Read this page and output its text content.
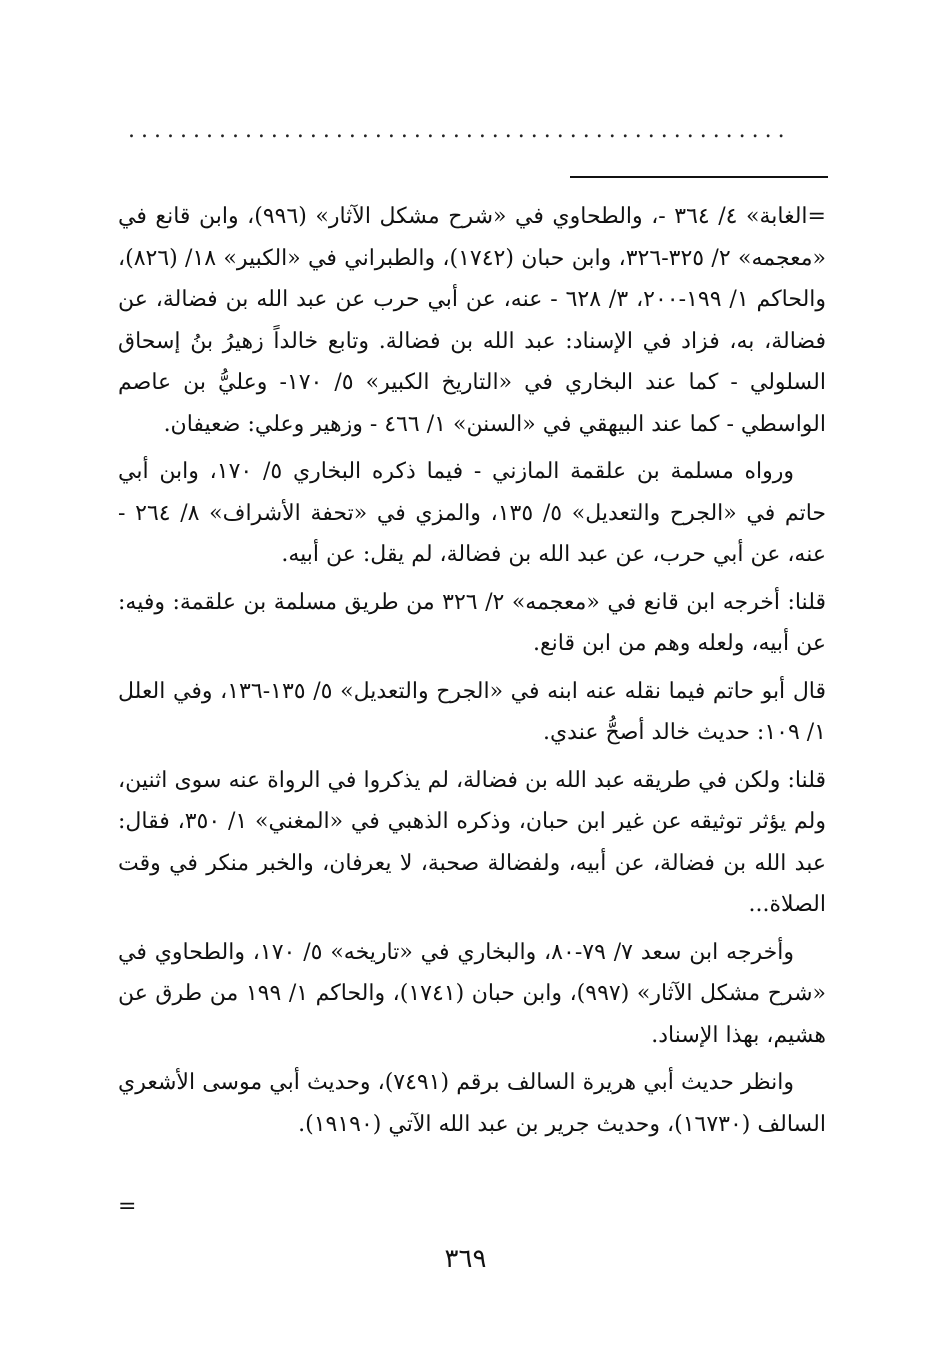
...................................................

=الغابة» ٤/ ٣٦٤ -، والطحاوي في «شرح مشكل الآثار» (٩٩٦)، وابن قانع في «معجمه» ٢/ ٣٢٥-٣٢٦، وابن حبان (١٧٤٢)، والطبراني في «الكبير» ١٨/ (٨٢٦)، والحاكم ١/ ١٩٩-٢٠٠، ٣/ ٦٢٨ - عنه، عن أبي حرب عن عبد الله بن فضالة، عن فضالة، به، فزاد في الإسناد: عبد الله بن فضالة. وتابع خالداً زهيرُ بنُ إسحاق السلولي - كما عند البخاري في «التاريخ الكبير» ٥/ ١٧٠- وعليُّ بن عاصم الواسطي - كما عند البيهقي في «السنن» ١/ ٤٦٦ - وزهير وعلي: ضعيفان.

ورواه مسلمة بن علقمة المازني - فيما ذكره البخاري ٥/ ١٧٠، وابن أبي حاتم في «الجرح والتعديل» ٥/ ١٣٥، والمزي في «تحفة الأشراف» ٨/ ٢٦٤ - عنه، عن أبي حرب، عن عبد الله بن فضالة، لم يقل: عن أبيه.

قلنا: أخرجه ابن قانع في «معجمه» ٢/ ٣٢٦ من طريق مسلمة بن علقمة: وفيه: عن أبيه، ولعله وهم من ابن قانع.

قال أبو حاتم فيما نقله عنه ابنه في «الجرح والتعديل» ٥/ ١٣٥-١٣٦، وفي العلل ١/ ١٠٩: حديث خالد أصحُّ عندي.

قلنا: ولكن في طريقه عبد الله بن فضالة، لم يذكروا في الرواة عنه سوى اثنين، ولم يؤثر توثيقه عن غير ابن حبان، وذكره الذهبي في «المغني» ١/ ٣٥٠، فقال: عبد الله بن فضالة، عن أبيه، ولفضالة صحبة، لا يعرفان، والخبر منكر في وقت الصلاة...

وأخرجه ابن سعد ٧/ ٧٩-٨٠، والبخاري في «تاريخه» ٥/ ١٧٠، والطحاوي في «شرح مشكل الآثار» (٩٩٧)، وابن حبان (١٧٤١)، والحاكم ١/ ١٩٩ من طرق عن هشيم، بهذا الإسناد.

وانظر حديث أبي هريرة السالف برقم (٧٤٩١)، وحديث أبي موسى الأشعري السالف (١٦٧٣٠)، وحديث جرير بن عبد الله الآتي (١٩١٩٠).

=
٣٦٩
